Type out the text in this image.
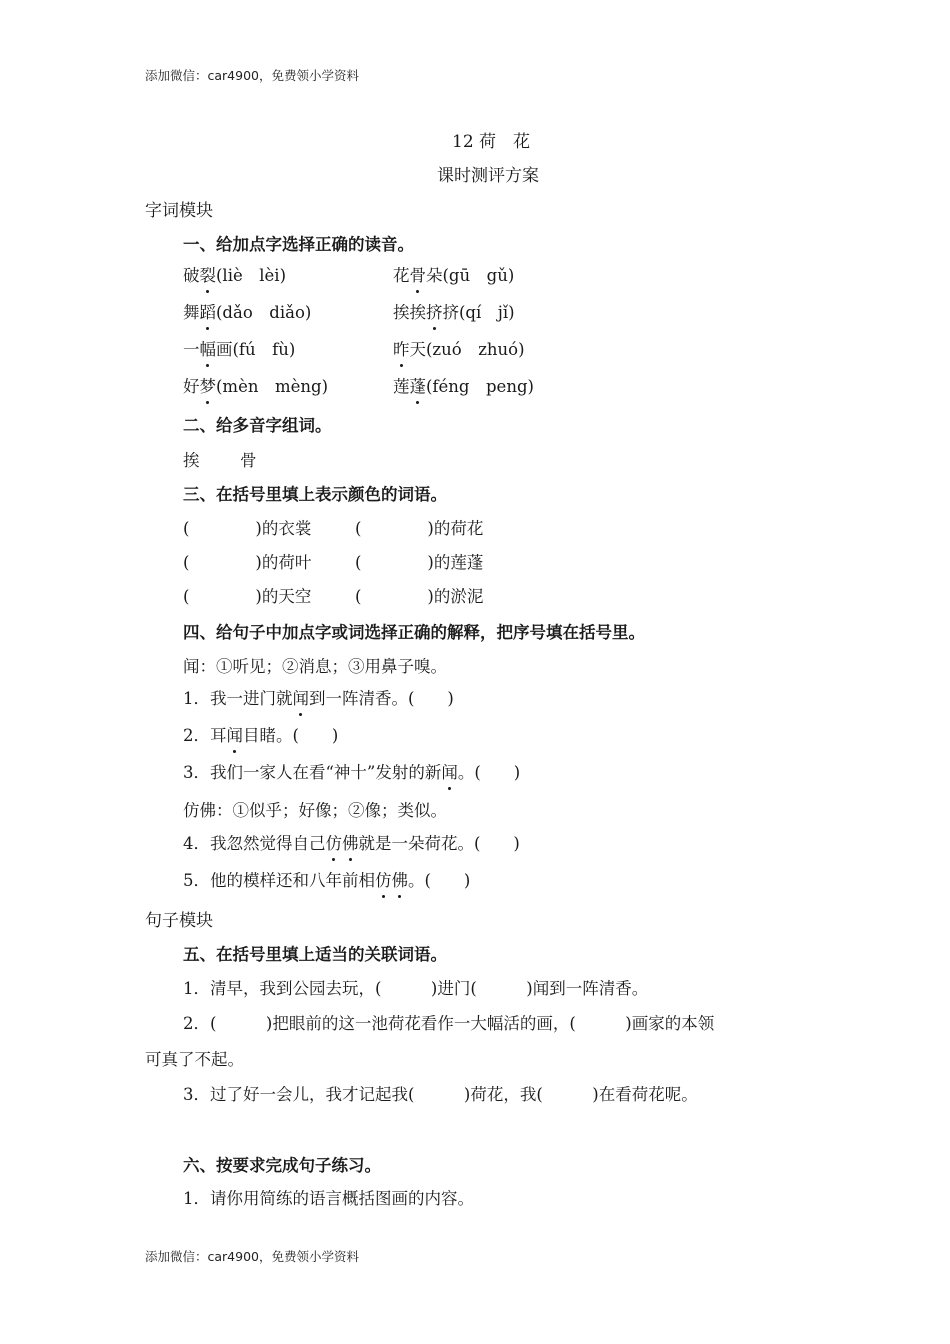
添加微信：car4900，免费领小学资料
12 荷　花
课时测评方案
字词模块
一、给加点字选择正确的读音。
破裂(liè　lèi)	花骨朵(gū　gǔ)
舞蹈(dǎo　diǎo)	挨挨挤挤(qí　jǐ)
一幅画(fú　fù)	昨天(zuó　zhuó)
好梦(mèn　mèng)	莲蓬(féng　peng)
二、给多音字组词。
挨 骨
三、在括号里填上表示颜色的词语。
(　　　　)的衣裳	(　　　　)的荷花
(　　　　)的荷叶	(　　　　)的莲蓬
(　　　　)的天空	(　　　　)的淤泥
四、给句子中加点字或词选择正确的解释，把序号填在括号里。
闻：①听见；②消息；③用鼻子嗅。
1．我一进门就闻到一阵清香。(　　)
2．耳闻目睹。(　　)
3．我们一家人在看“神十”发射的新闻。(　　)
仿佛：①似乎；好像；②像；类似。
4．我忽然觉得自己仿佛就是一朵荷花。(　　)
5．他的模样还和八年前相仿佛。(　　)
句子模块
五、在括号里填上适当的关联词语。
1．清早，我到公园去玩，(　　　)进门(　　　)闻到一阵清香。
2．(　　　)把眼前的这一池荷花看作一大幅活的画，(　　　)画家的本领
可真了不起。
3．过了好一会儿，我才记起我(　　　)荷花，我(　　　)在看荷花呢。
六、按要求完成句子练习。
1．请你用简练的语言概括图画的内容。
添加微信：car4900，免费领小学资料
